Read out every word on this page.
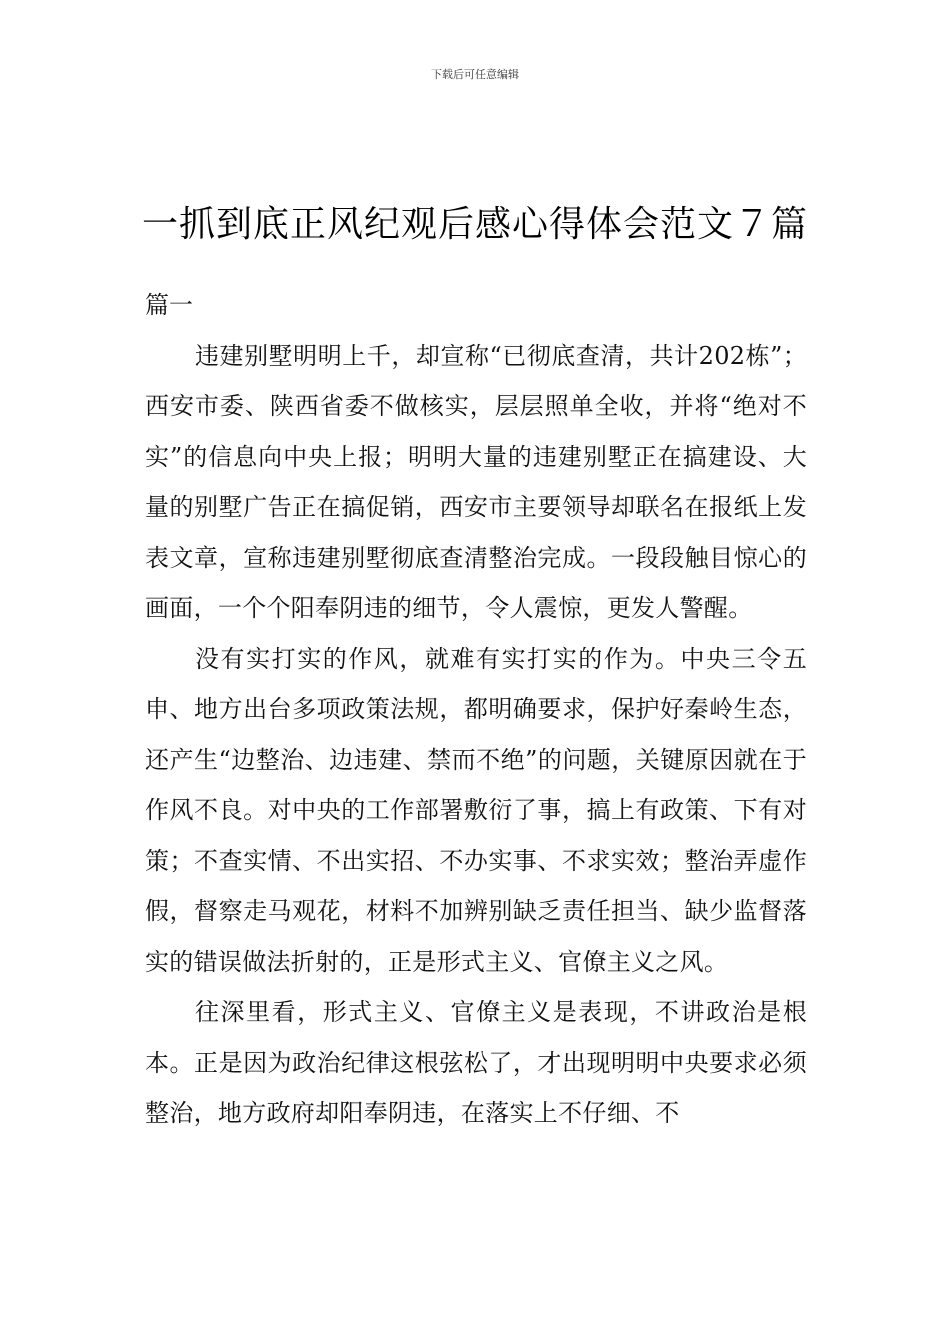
下载后可任意编辑
一抓到底正风纪观后感心得体会范文７篇

篇一

违建别墅明明上千，却宣称“已彻底查清，共计202栋”；西安市委、陕西省委不做核实，层层照单全收，并将“绝对不实”的信息向中央上报；明明大量的违建别墅正在搞建设、大量的别墅广告正在搞促销，西安市主要领导却联名在报纸上发表文章，宣称违建别墅彻底查清整治完成。一段段触目惊心的画面，一个个阳奉阴违的细节，令人震惊，更发人警醒。

没有实打实的作风，就难有实打实的作为。中央三令五申、地方出台多项政策法规，都明确要求，保护好秦岭生态，还产生“边整治、边违建、禁而不绝”的问题，关键原因就在于作风不良。对中央的工作部署敷衍了事，搞上有政策、下有对策；不查实情、不出实招、不办实事、不求实效；整治弄虚作假，督察走马观花，材料不加辨别缺乏责任担当、缺少监督落实的错误做法折射的，正是形式主义、官僚主义之风。

往深里看，形式主义、官僚主义是表现，不讲政治是根本。正是因为政治纪律这根弦松了，才出现明明中央要求必须整治，地方政府却阳奉阴违，在落实上不仔细、不
